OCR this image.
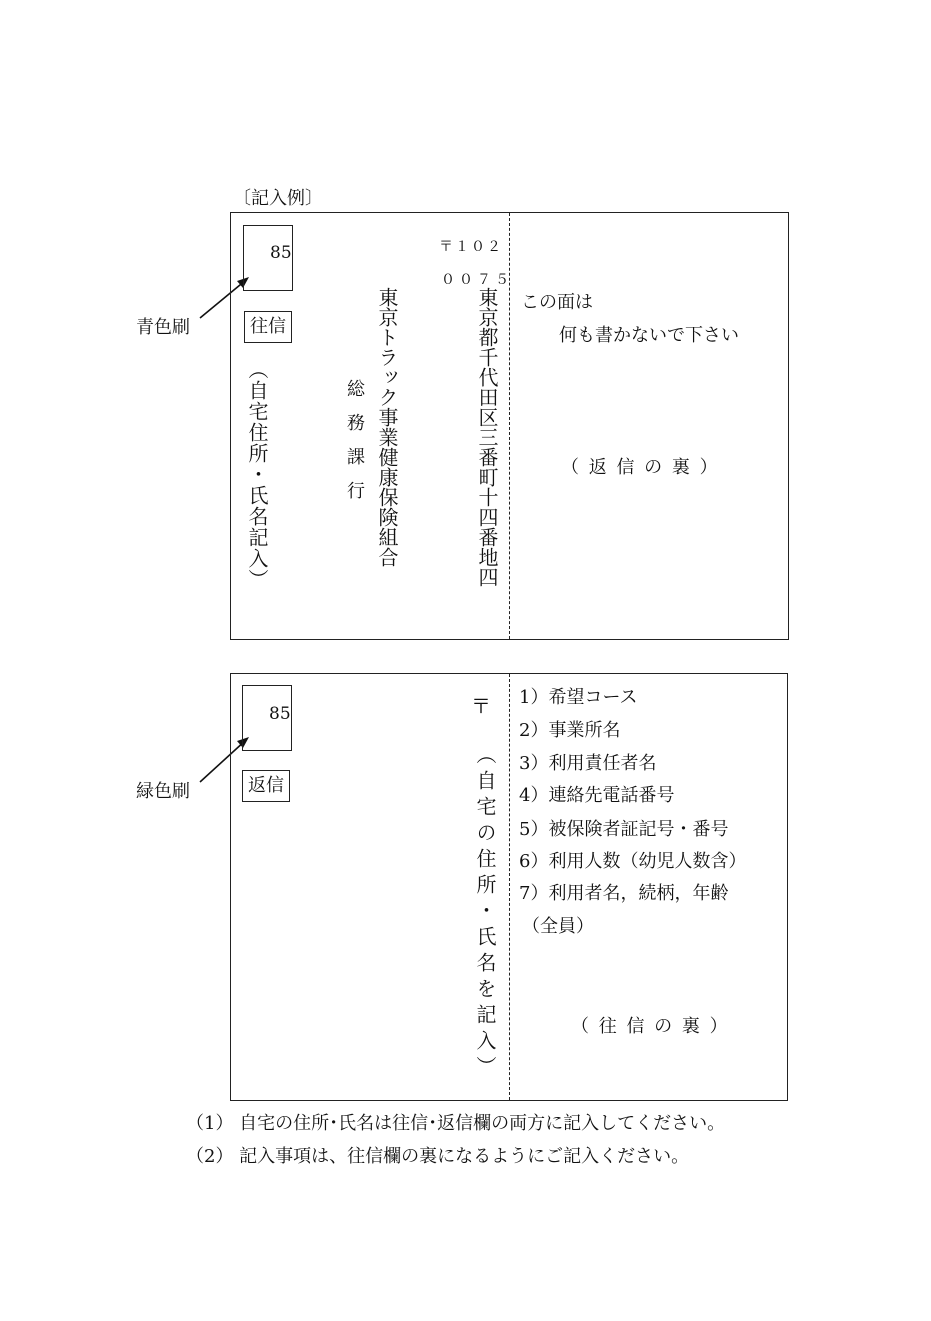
〔記入例〕
青色刷
85
往信
（自宅住所・氏名記入）	総務課行 東京トラック事業健康保険組合
〒１０２
００７５
東京都千代田区三番町十四番地四 この面は
何も書かないで下さい
（ 返 信 の 裏 ）
緑色刷
85
返信
〒
（自宅の住所・氏名を記入）
1）希望コース
2）事業所名
3）利用責任者名
4）連絡先電話番号
5）被保険者証記号・番号
6）利用人数（幼児人数含）
7）利用者名，続柄，年齢
（全員）
（ 往 信 の 裏 ）
（1） 自宅の住所･氏名は往信･返信欄の両方に記入してください。
（2） 記入事項は、往信欄の裏になるようにご記入ください。
